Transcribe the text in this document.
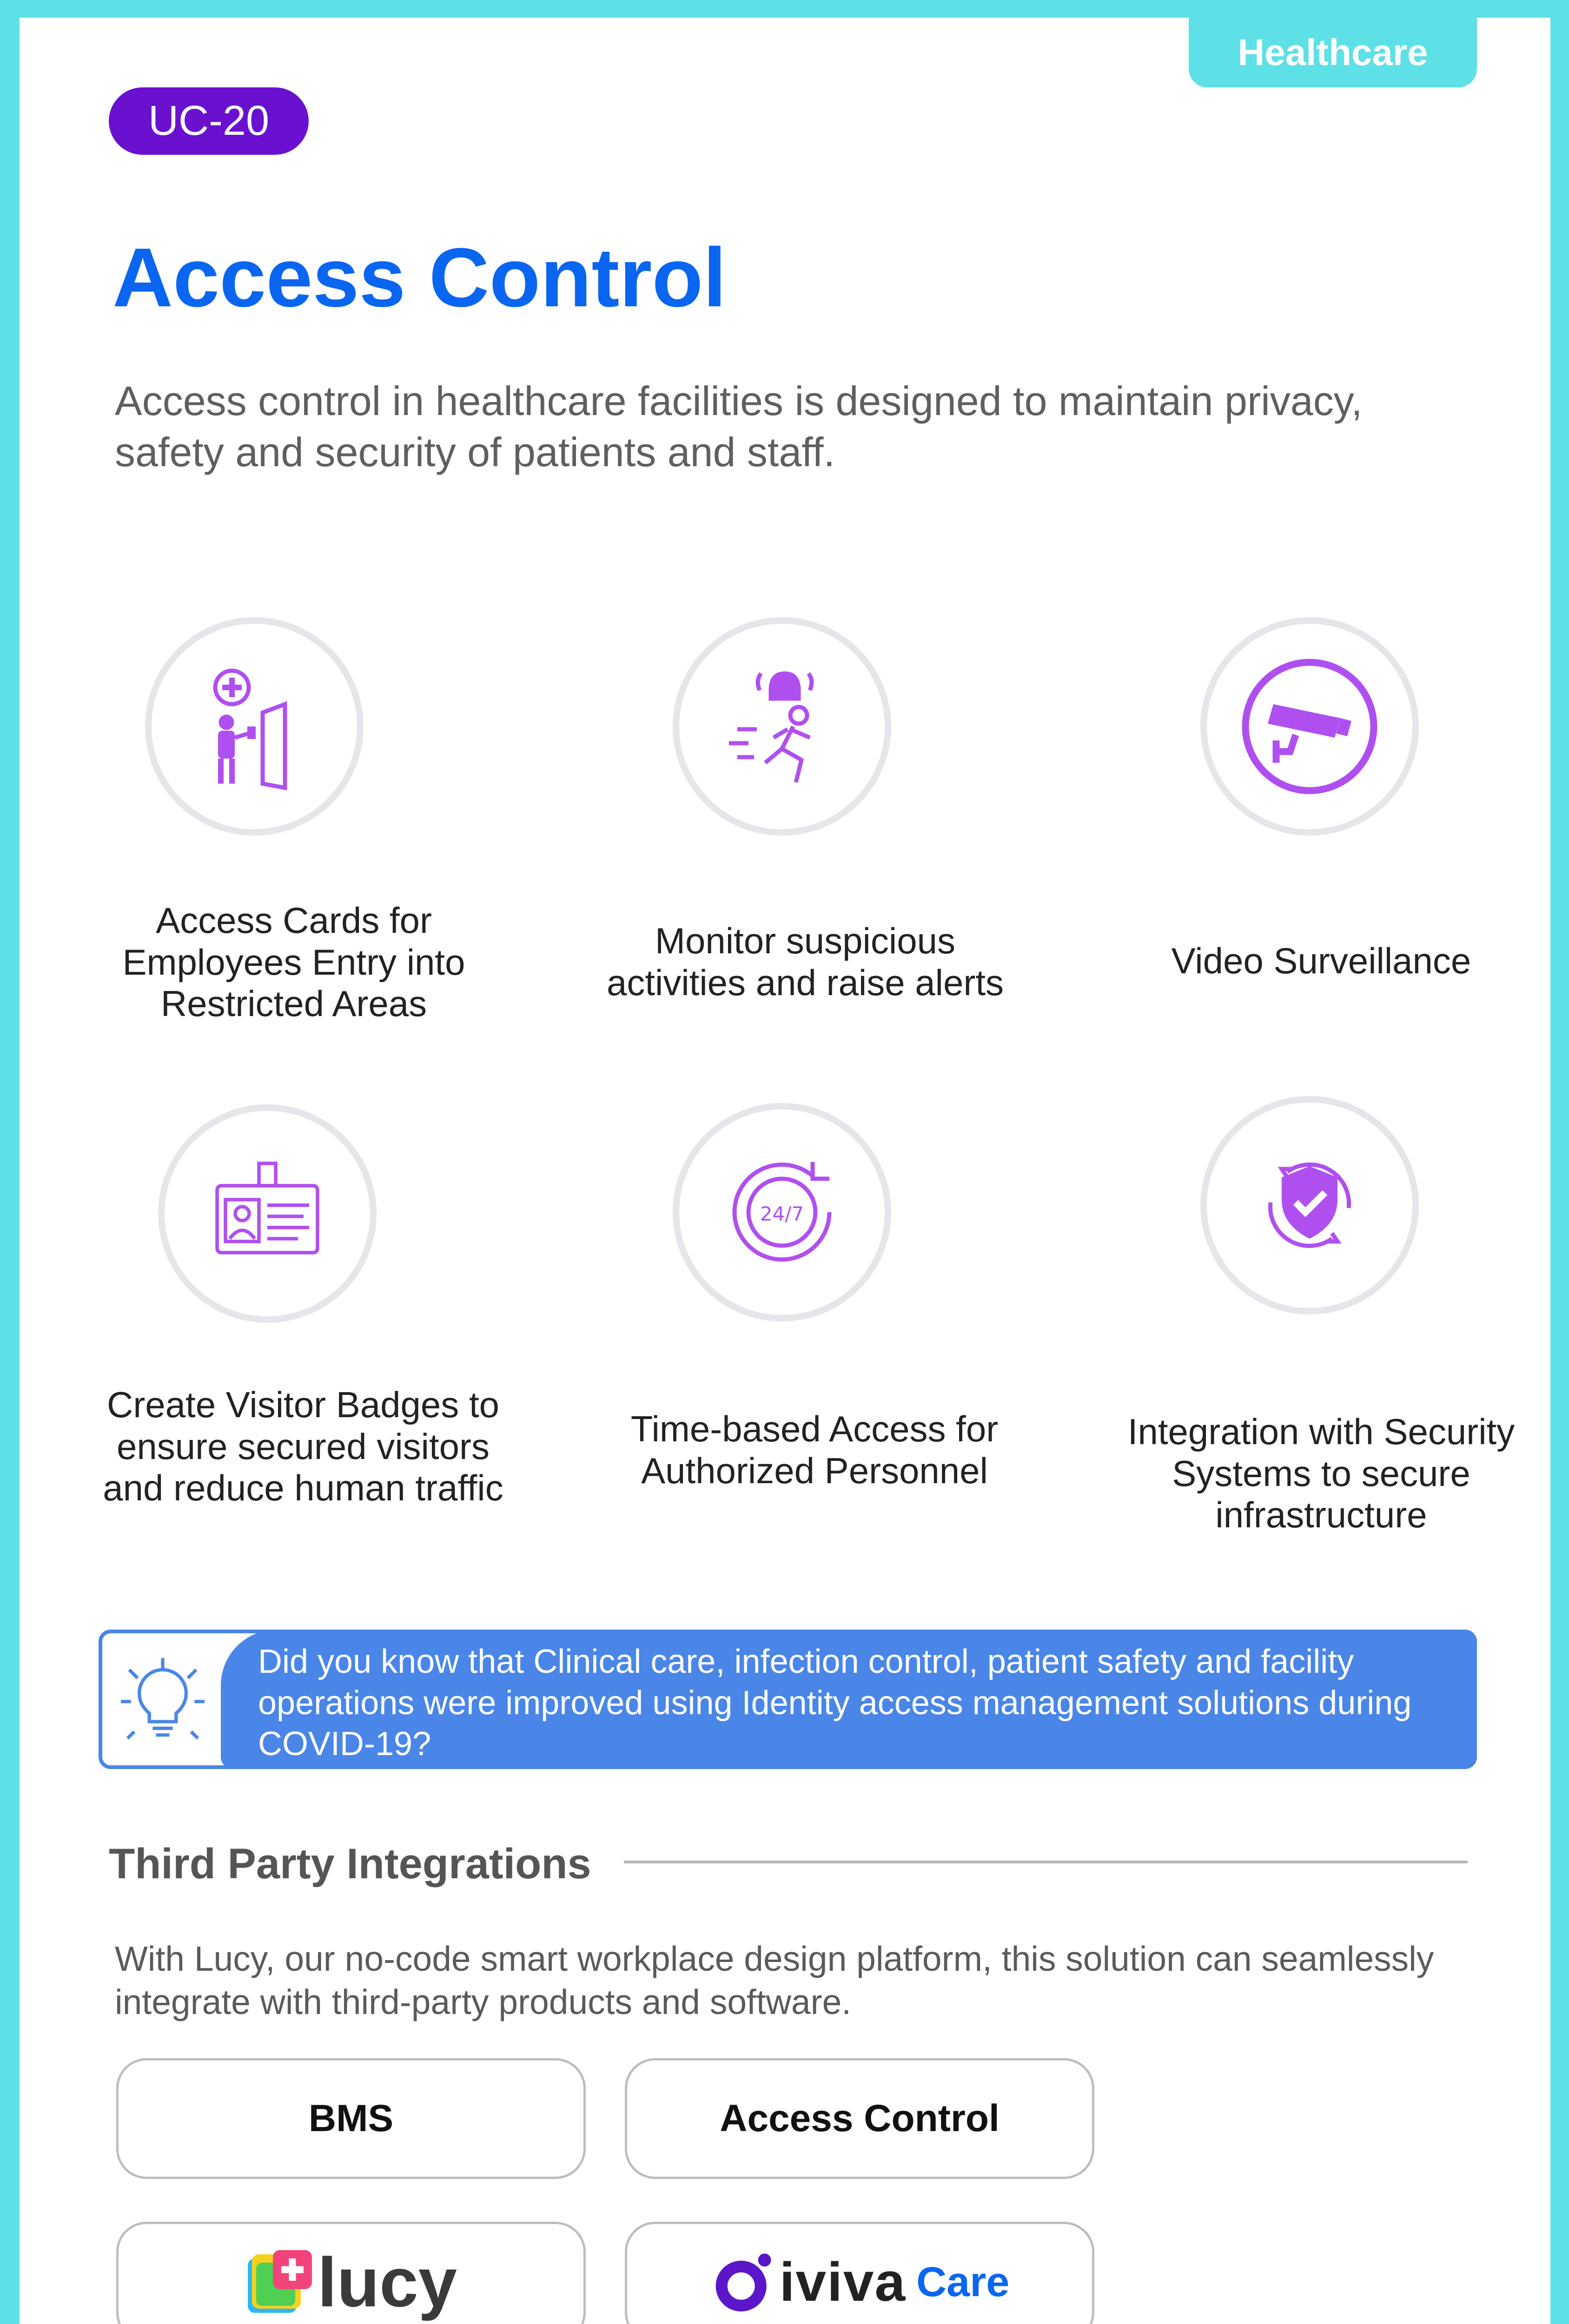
Healthcare
UC-20
Access Control
Access control in healthcare facilities is designed to maintain privacy, safety and security of patients and staff.
Access Cards for Employees Entry into Restricted Areas
Monitor suspicious activities and raise alerts
Video Surveillance
Create Visitor Badges to ensure secured visitors and reduce human traffic
24/7
Time-based Access for Authorized Personnel
Integration with Security Systems to secure infrastructure
Did you know that Clinical care, infection control, patient safety and facility operations were improved using Identity access management solutions during COVID-19?
Third Party Integrations
With Lucy, our no-code smart workplace design platform, this solution can seamlessly integrate with third-party products and software.
BMS	Access Control
lucy	iviva Care
